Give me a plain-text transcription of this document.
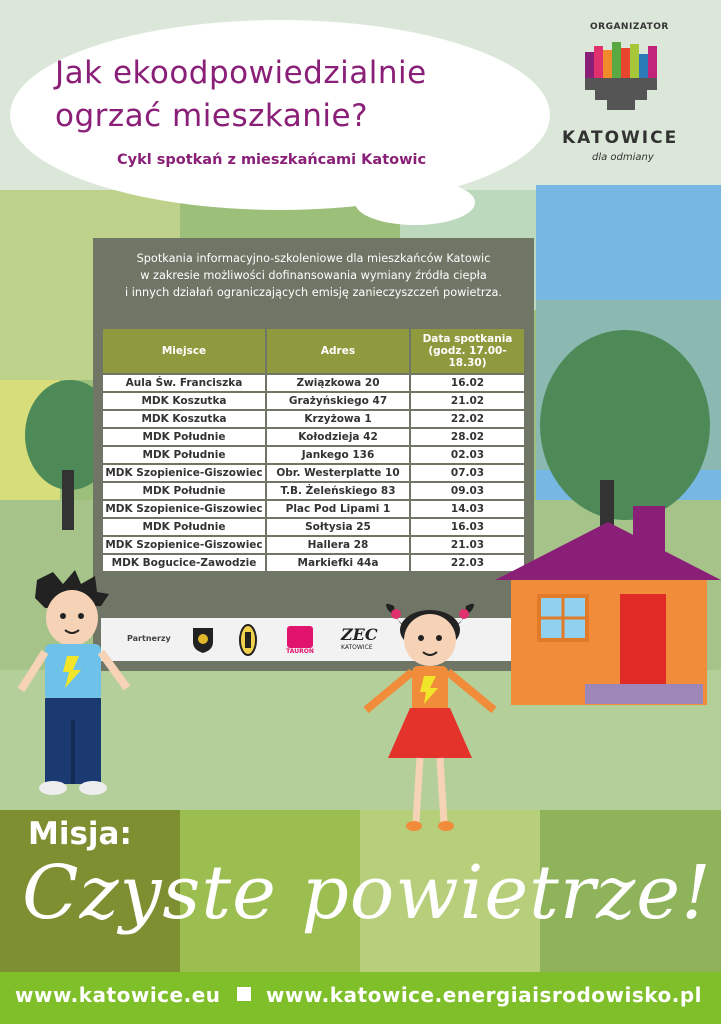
Jak ekoodpowiedzialnie
ogrzać mieszkanie?
Cykl spotkań z mieszkańcami Katowic
ORGANIZATOR
KATOWICE
dla odmiany
Spotkania informacyjno-szkoleniowe dla mieszkańców Katowic
w zakresie możliwości dofinansowania wymiany źródła ciepła
i innych działań ograniczających emisję zanieczyszczeń powietrza.
Miejsce	Adres	Data spotkania
(godz. 17.00-18.30)

Aula Św. Franciszka	Związkowa 20	16.02
MDK Koszutka	Grażyńskiego 47	21.02
MDK Koszutka	Krzyżowa 1	22.02
MDK Południe	Kołodzieja 42	28.02
MDK Południe	Jankego 136	02.03
MDK Szopienice-Giszowiec	Obr. Westerplatte 10	07.03
MDK Południe	T.B. Żeleńskiego 83	09.03
MDK Szopienice-Giszowiec	Plac Pod Lipami 1	14.03
MDK Południe	Sołtysia 25	16.03
MDK Szopienice-Giszowiec	Hallera 28	21.03
MDK Bogucice-Zawodzie	Markiefki 44a	22.03
Partnerzy
TAURON
ZEC
KATOWICE
Misja:
Czyste powietrze!
www.katowice.eu www.katowice.energiaisrodowisko.pl
